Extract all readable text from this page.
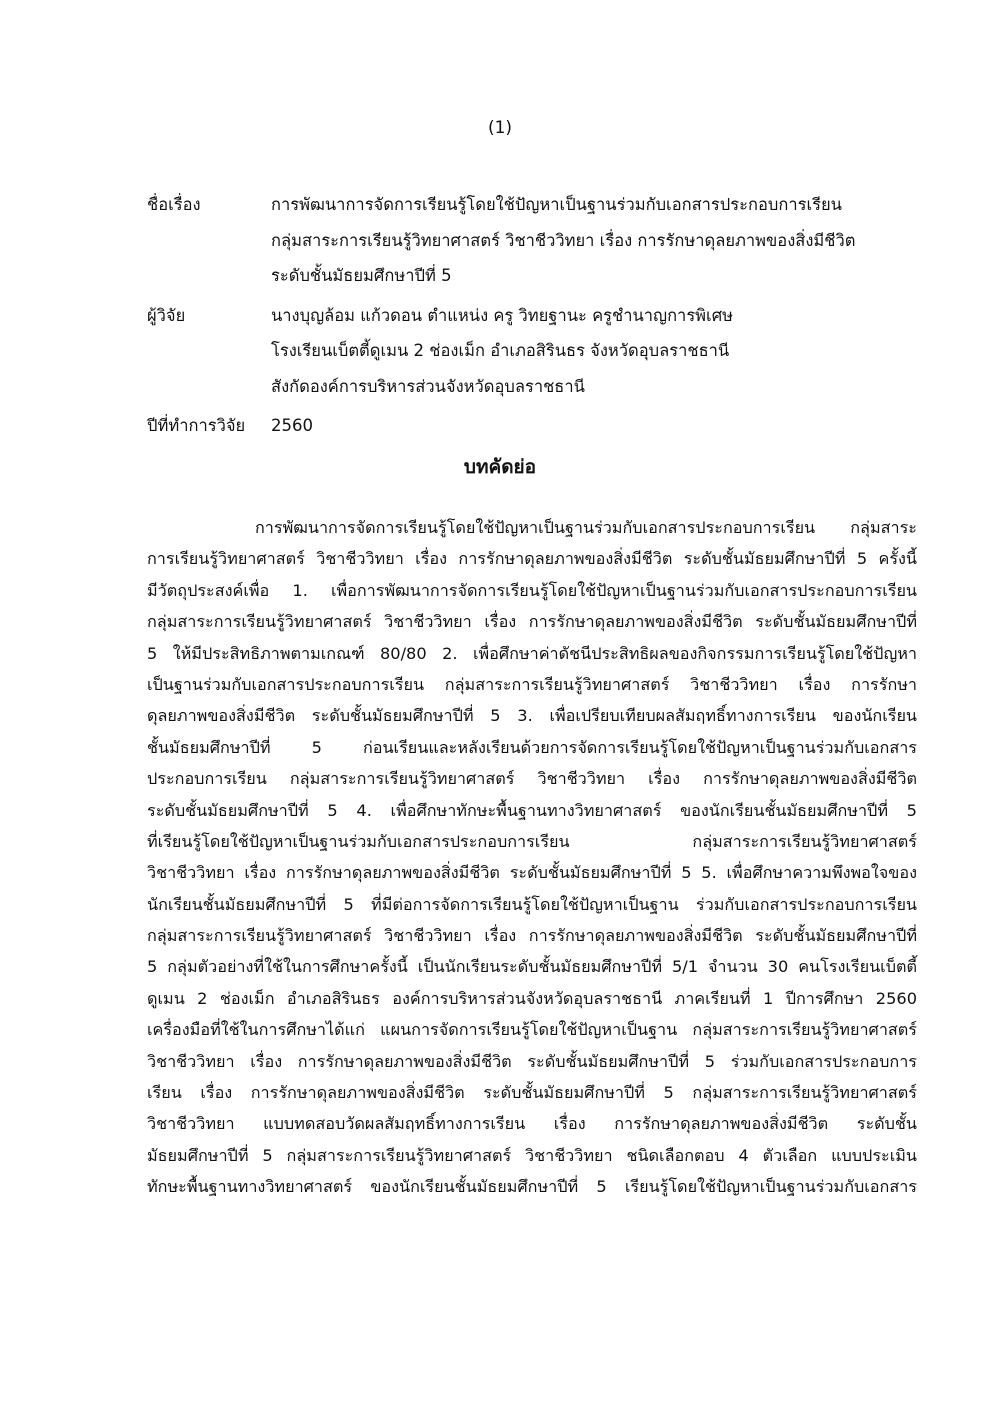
(1)
ชื่อเรื่อง	การพัฒนาการจัดการเรียนรู้โดยใช้ปัญหาเป็นฐานร่วมกับเอกสารประกอบการเรียน
กลุ่มสาระการเรียนรู้วิทยาศาสตร์ วิชาชีววิทยา เรื่อง การรักษาดุลยภาพของสิ่งมีชีวิต
ระดับชั้นมัธยมศึกษาปีที่ 5
ผู้วิจัย	นางบุญล้อม แก้วดอน ตำแหน่ง ครู วิทยฐานะ ครูชำนาญการพิเศษ
โรงเรียนเบ็ตตี้ดูเมน 2 ช่องเม็ก อำเภอสิรินธร จังหวัดอุบลราชธานี
สังกัดองค์การบริหารส่วนจังหวัดอุบลราชธานี
ปีที่ทำการวิจัย	2560
บทคัดย่อ
การพัฒนาการจัดการเรียนรู้โดยใช้ปัญหาเป็นฐานร่วมกับเอกสารประกอบการเรียน กลุ่มสาระ
การเรียนรู้วิทยาศาสตร์ วิชาชีววิทยา เรื่อง การรักษาดุลยภาพของสิ่งมีชีวิต ระดับชั้นมัธยมศึกษาปีที่ 5 ครั้งนี้
มีวัตถุประสงค์เพื่อ 1. เพื่อการพัฒนาการจัดการเรียนรู้โดยใช้ปัญหาเป็นฐานร่วมกับเอกสารประกอบการเรียน
กลุ่มสาระการเรียนรู้วิทยาศาสตร์ วิชาชีววิทยา เรื่อง การรักษาดุลยภาพของสิ่งมีชีวิต ระดับชั้นมัธยมศึกษาปีที่
5 ให้มีประสิทธิภาพตามเกณฑ์ 80/80 2. เพื่อศึกษาค่าดัชนีประสิทธิผลของกิจกรรมการเรียนรู้โดยใช้ปัญหา
เป็นฐานร่วมกับเอกสารประกอบการเรียน กลุ่มสาระการเรียนรู้วิทยาศาสตร์ วิชาชีววิทยา เรื่อง การรักษา
ดุลยภาพของสิ่งมีชีวิต ระดับชั้นมัธยมศึกษาปีที่ 5 3. เพื่อเปรียบเทียบผลสัมฤทธิ์ทางการเรียน ของนักเรียน
ชั้นมัธยมศึกษาปีที่ 5 ก่อนเรียนและหลังเรียนด้วยการจัดการเรียนรู้โดยใช้ปัญหาเป็นฐานร่วมกับเอกสาร
ประกอบการเรียน กลุ่มสาระการเรียนรู้วิทยาศาสตร์ วิชาชีววิทยา เรื่อง การรักษาดุลยภาพของสิ่งมีชีวิต
ระดับชั้นมัธยมศึกษาปีที่ 5 4. เพื่อศึกษาทักษะพื้นฐานทางวิทยาศาสตร์ ของนักเรียนชั้นมัธยมศึกษาปีที่ 5
ที่เรียนรู้โดยใช้ปัญหาเป็นฐานร่วมกับเอกสารประกอบการเรียน กลุ่มสาระการเรียนรู้วิทยาศาสตร์
วิชาชีววิทยา เรื่อง การรักษาดุลยภาพของสิ่งมีชีวิต ระดับชั้นมัธยมศึกษาปีที่ 5 5. เพื่อศึกษาความพึงพอใจของ
นักเรียนชั้นมัธยมศึกษาปีที่ 5 ที่มีต่อการจัดการเรียนรู้โดยใช้ปัญหาเป็นฐาน ร่วมกับเอกสารประกอบการเรียน
กลุ่มสาระการเรียนรู้วิทยาศาสตร์ วิชาชีววิทยา เรื่อง การรักษาดุลยภาพของสิ่งมีชีวิต ระดับชั้นมัธยมศึกษาปีที่
5 กลุ่มตัวอย่างที่ใช้ในการศึกษาครั้งนี้ เป็นนักเรียนระดับชั้นมัธยมศึกษาปีที่ 5/1 จำนวน 30 คนโรงเรียนเบ็ตตี้
ดูเมน 2 ช่องเม็ก อำเภอสิรินธร องค์การบริหารส่วนจังหวัดอุบลราชธานี ภาคเรียนที่ 1 ปีการศึกษา 2560
เครื่องมือที่ใช้ในการศึกษาได้แก่ แผนการจัดการเรียนรู้โดยใช้ปัญหาเป็นฐาน กลุ่มสาระการเรียนรู้วิทยาศาสตร์
วิชาชีววิทยา เรื่อง การรักษาดุลยภาพของสิ่งมีชีวิต ระดับชั้นมัธยมศึกษาปีที่ 5 ร่วมกับเอกสารประกอบการ
เรียน เรื่อง การรักษาดุลยภาพของสิ่งมีชีวิต ระดับชั้นมัธยมศึกษาปีที่ 5 กลุ่มสาระการเรียนรู้วิทยาศาสตร์
วิชาชีววิทยา แบบทดสอบวัดผลสัมฤทธิ์ทางการเรียน เรื่อง การรักษาดุลยภาพของสิ่งมีชีวิต ระดับชั้น
มัธยมศึกษาปีที่ 5 กลุ่มสาระการเรียนรู้วิทยาศาสตร์ วิชาชีววิทยา ชนิดเลือกตอบ 4 ตัวเลือก แบบประเมิน
ทักษะพื้นฐานทางวิทยาศาสตร์ ของนักเรียนชั้นมัธยมศึกษาปีที่ 5 เรียนรู้โดยใช้ปัญหาเป็นฐานร่วมกับเอกสาร
